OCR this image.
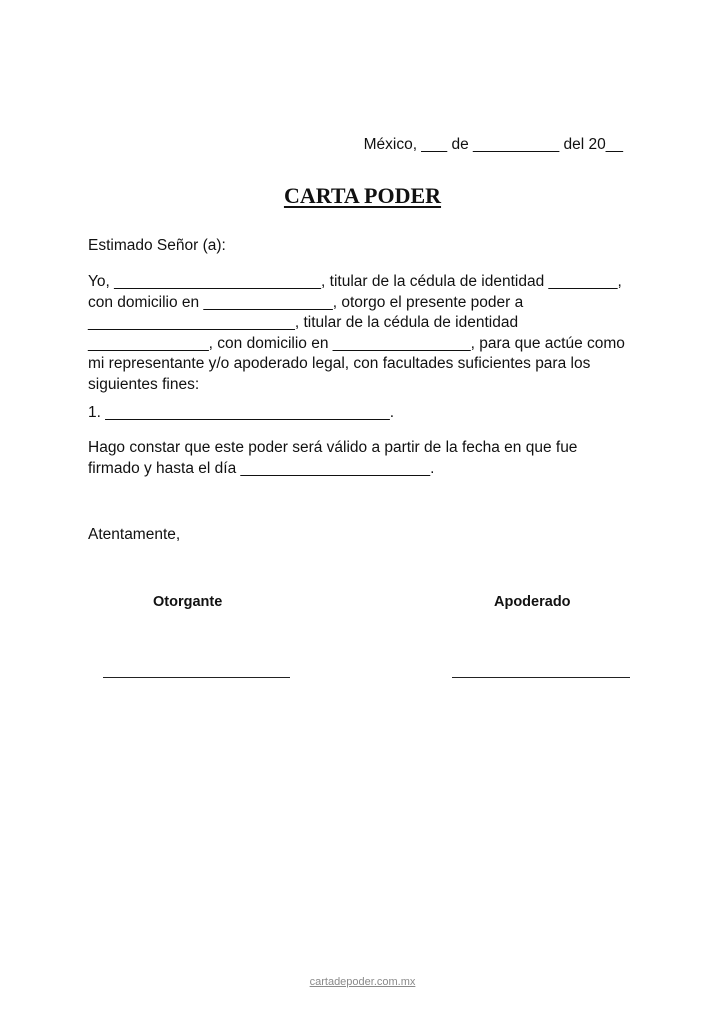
México, ___ de __________ del 20__
CARTA PODER
Estimado Señor (a):
Yo, ________________________, titular de la cédula de identidad ________,
con domicilio en _______________, otorgo el presente poder a
________________________, titular de la cédula de identidad
______________, con domicilio en ________________, para que actúe como
mi representante y/o apoderado legal, con facultades suficientes para los
siguientes fines:
1. _________________________________.
Hago constar que este poder será válido a partir de la fecha en que fue
firmado y hasta el día ______________________.
Atentamente,
Otorgante	Apoderado
cartadepoder.com.mx
